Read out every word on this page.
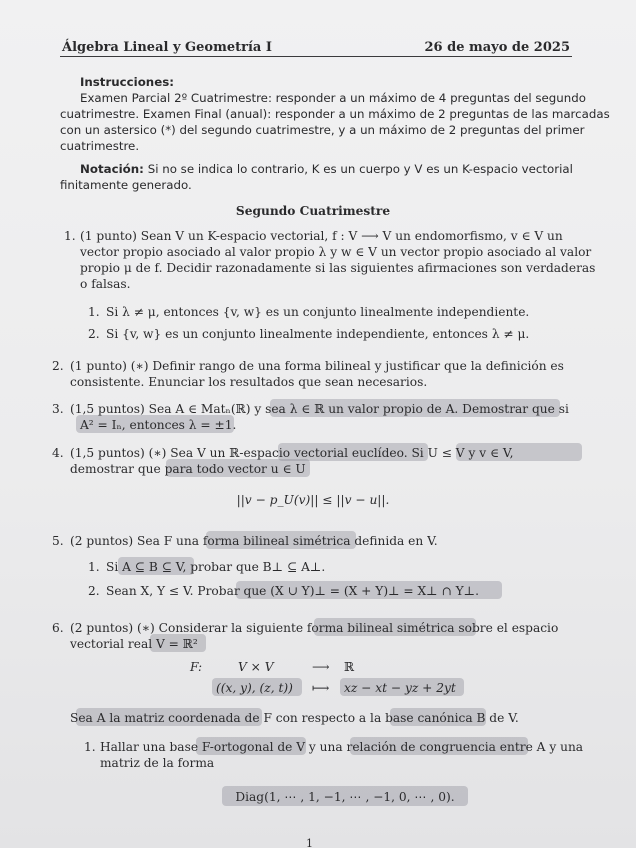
Álgebra Lineal y Geometría I	26 de mayo de 2025
Instrucciones:
Examen Parcial 2º Cuatrimestre: responder a un máximo de 4 preguntas del segundo
cuatrimestre. Examen Final (anual): responder a un máximo de 2 preguntas de las marcadas
con un astersico (*) del segundo cuatrimestre, y a un máximo de 2 preguntas del primer
cuatrimestre.
Notación: Si no se indica lo contrario, K es un cuerpo y V es un K-espacio vectorial
finitamente generado.
Segundo Cuatrimestre
1. (1 punto) Sean V un K-espacio vectorial, f : V ⟶ V un endomorfismo, v ∈ V un
vector propio asociado al valor propio λ y w ∈ V un vector propio asociado al valor
propio μ de f. Decidir razonadamente si las siguientes afirmaciones son verdaderas
o falsas.
1. Si λ ≠ μ, entonces {v, w} es un conjunto linealmente independiente.
2. Si {v, w} es un conjunto linealmente independiente, entonces λ ≠ μ.
2. (1 punto) (∗) Definir rango de una forma bilineal y justificar que la definición es
consistente. Enunciar los resultados que sean necesarios.
3. (1,5 puntos) Sea A ∈ Matₙ(ℝ) y sea λ ∈ ℝ un valor propio de A. Demostrar que si
A² = Iₙ, entonces λ = ±1.
4. (1,5 puntos) (∗) Sea V un ℝ-espacio vectorial euclídeo. Si U ≤ V y v ∈ V,
demostrar que para todo vector u ∈ U
||v − p_U(v)|| ≤ ||v − u||.
5. (2 puntos) Sea F una forma bilineal simétrica definida en V.
1. Si A ⊆ B ⊆ V, probar que B⊥ ⊆ A⊥.
2. Sean X, Y ≤ V. Probar que (X ∪ Y)⊥ = (X + Y)⊥ = X⊥ ∩ Y⊥.
6. (2 puntos) (∗) Considerar la siguiente forma bilineal simétrica sobre el espacio
vectorial real V = ℝ²
F:	V × V	⟶ ℝ
((x, y), (z, t)) ⟼ xz − xt − yz + 2yt
Sea A la matriz coordenada de F con respecto a la base canónica B de V.
1. Hallar una base F-ortogonal de V y una relación de congruencia entre A y una
matriz de la forma
Diag(1, ⋯ , 1, −1, ⋯ , −1, 0, ⋯ , 0).
1
